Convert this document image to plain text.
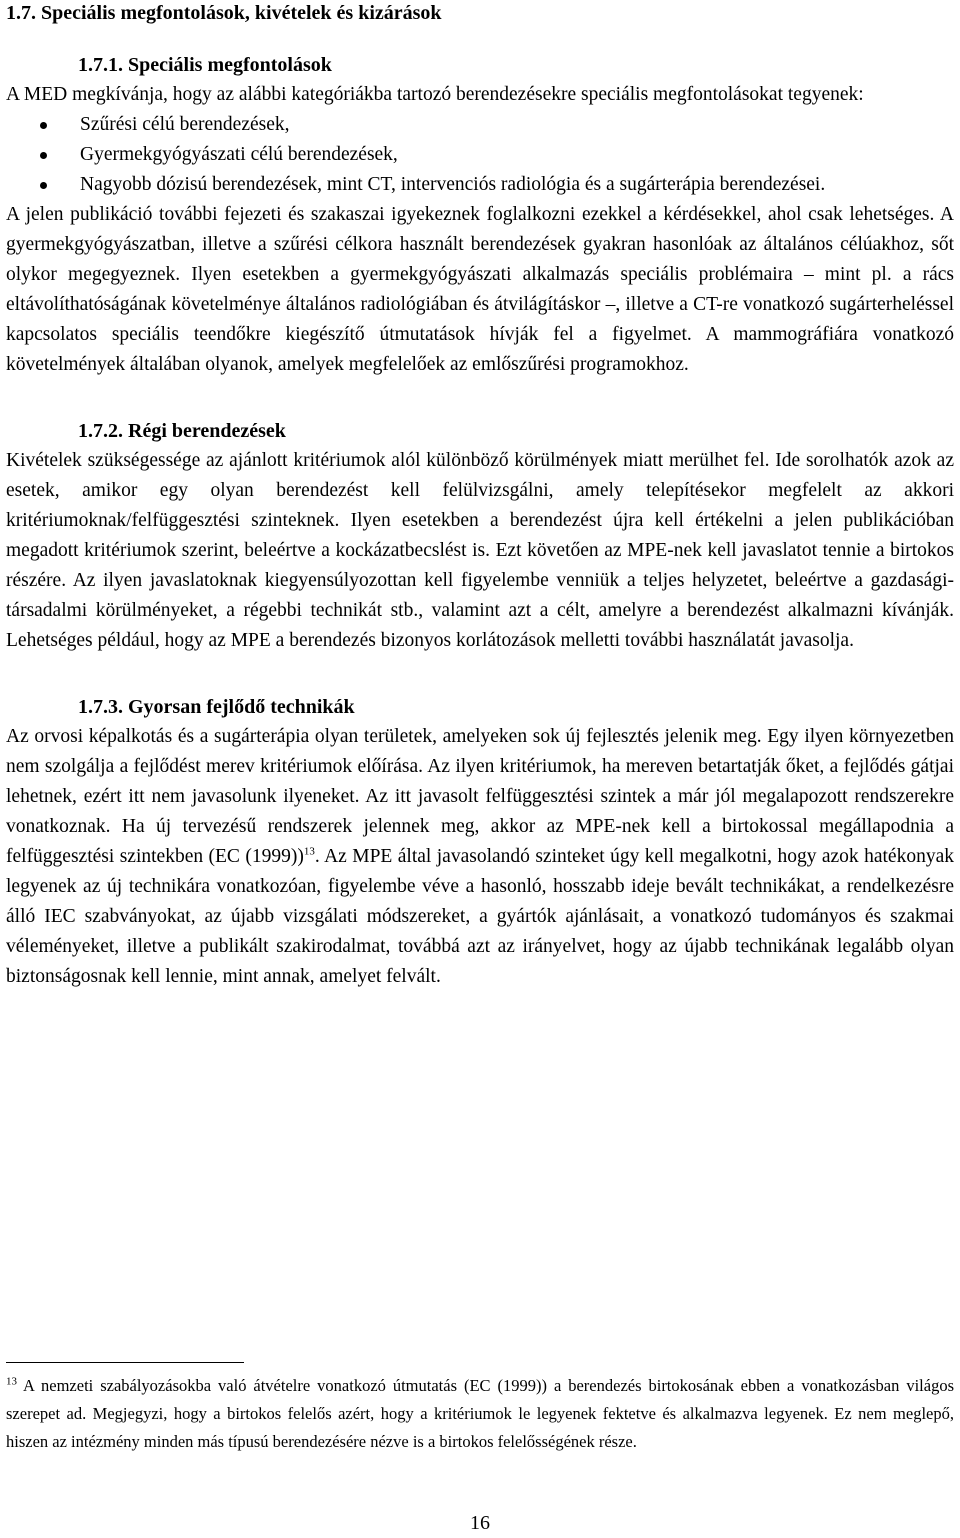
1.7. Speciális megfontolások, kivételek és kizárások
1.7.1. Speciális megfontolások

A MED megkívánja, hogy az alábbi kategóriákba tartozó berendezésekre speciális megfontolásokat tegyenek:

Szűrési célú berendezések,
Gyermekgyógyászati célú berendezések,
Nagyobb dózisú berendezések, mint CT, intervenciós radiológia és a sugárterápia berendezései.

A jelen publikáció további fejezeti és szakaszai igyekeznek foglalkozni ezekkel a kérdésekkel, ahol csak lehetséges. A gyermekgyógyászatban, illetve a szűrési célkora használt berendezések gyakran hasonlóak az általános célúakhoz, sőt olykor megegyeznek. Ilyen esetekben a gyermekgyógyászati alkalmazás speciális problémaira – mint pl. a rács eltávolíthatóságának követelménye általános radiológiában és átvilágításkor –, illetve a CT-re vonatkozó sugárterheléssel kapcsolatos speciális teendőkre kiegészítő útmutatások hívják fel a figyelmet. A mammográfiára vonatkozó követelmények általában olyanok, amelyek megfelelőek az emlőszűrési programokhoz.

1.7.2. Régi berendezések

Kivételek szükségessége az ajánlott kritériumok alól különböző körülmények miatt merülhet fel. Ide sorolhatók azok az esetek, amikor egy olyan berendezést kell felülvizsgálni, amely telepítésekor megfelelt az akkori kritériumoknak/felfüggesztési szinteknek. Ilyen esetekben a berendezést újra kell értékelni a jelen publikációban megadott kritériumok szerint, beleértve a kockázatbecslést is. Ezt követően az MPE-nek kell javaslatot tennie a birtokos részére. Az ilyen javaslatoknak kiegyensúlyozottan kell figyelembe venniük a teljes helyzetet, beleértve a gazdasági-társadalmi körülményeket, a régebbi technikát stb., valamint azt a célt, amelyre a berendezést alkalmazni kívánják. Lehetséges például, hogy az MPE a berendezés bizonyos korlátozások melletti további használatát javasolja.

1.7.3. Gyorsan fejlődő technikák

Az orvosi képalkotás és a sugárterápia olyan területek, amelyeken sok új fejlesztés jelenik meg. Egy ilyen környezetben nem szolgálja a fejlődést merev kritériumok előírása. Az ilyen kritériumok, ha mereven betartatják őket, a fejlődés gátjai lehetnek, ezért itt nem javasolunk ilyeneket. Az itt javasolt felfüggesztési szintek a már jól megalapozott rendszerekre vonatkoznak. Ha új tervezésű rendszerek jelennek meg, akkor az MPE-nek kell a birtokossal megállapodnia a felfüggesztési szintekben (EC (1999))$^{13}$. Az MPE által javasolandó szinteket úgy kell megalkotni, hogy azok hatékonyak legyenek az új technikára vonatkozóan, figyelembe véve a hasonló, hosszabb ideje bevált technikákat, a rendelkezésre álló IEC szabványokat, az újabb vizsgálati módszereket, a gyártók ajánlásait, a vonatkozó tudományos és szakmai véleményeket, illetve a publikált szakirodalmat, továbbá azt az irányelvet, hogy az újabb technikának legalább olyan biztonságosnak kell lennie, mint annak, amelyet felvált.

$^{13}$ A nemzeti szabályozásokba való átvételre vonatkozó útmutatás (EC (1999)) a berendezés birtokosának ebben a vonatkozásban világos szerepet ad. Megjegyzi, hogy a birtokos felelős azért, hogy a kritériumok le legyenek fektetve és alkalmazva legyenek. Ez nem meglepő, hiszen az intézmény minden más típusú berendezésére nézve is a birtokos felelősségének része.
16
